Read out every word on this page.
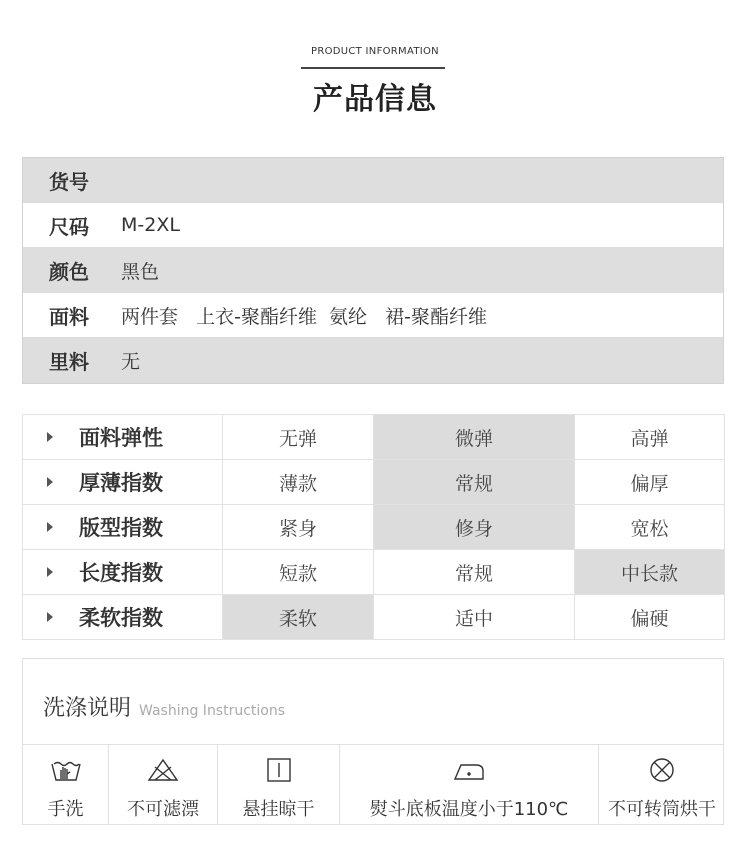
PRODUCT INFORMATION
产品信息
货号
尺码	M-2XL
颜色	黑色
面料	两件套   上衣-聚酯纤维  氨纶   裙-聚酯纤维
里料	无
面料弹性	无弹	微弹	高弹
厚薄指数	薄款	常规	偏厚
版型指数	紧身	修身	宽松
长度指数	短款	常规	中长款
柔软指数	柔软	适中	偏硬
洗涤说明 Washing Instructions
手洗	不可滤漂	悬挂晾干	熨斗底板温度小于110℃	不可转筒烘干
